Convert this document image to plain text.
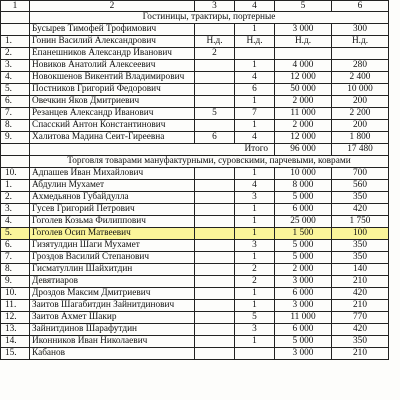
1	2	3	4	5	6
	Гостиницы, трактиры, портерные				
	Бусырев Тимофей Трофимович		1	3 000	300
1.	Гонин Василий Александрович	Н.д.	Н.д.	Н.д.	Н.д.
2.	Епанешников Александр Иванович	2			
3.	Новиков Анатолий Алексеевич		1	4 000	280
4.	Новокшенов Викентий Владимирович		4	12 000	2 400
5.	Постников Григорий Федорович		6	50 000	10 000
6.	Овечкин Яков Дмитриевич		1	2 000	200
7.	Резанцев Александр Иванович	5	7	11 000	2 200
8.	Спасский Антон Константинович		1	2 000	200
9.	Халитова Мадина Сеит-Гиреевна	6	4	12 000	1 800
	Итого			96 000	17 480
	Торговля товарами мануфактурными, суровскими, парчевыми, коврами				
10.	Адпашев Иван Михайлович		1	10 000	700
1.	Абдулин Мухамет		4	8 000	560
2.	Ахмедьянов Губайдулла		3	5 000	350
3.	Гусев Григорий Петрович		1	6 000	420
4.	Гоголев Козьма Филиппович		1	25 000	1 750
5.	Гоголев Осип Матвеевич		1	1 500	100
6.	Гизятулдин Шаги Мухамет		3	5 000	350
7.	Гроздов Василий Степанович		1	5 000	350
8.	Гисматуллин Шайхитдин		2	2 000	140
9.	Девятиаров		2	3 000	210
10.	Дроздов Максим Дмитриевич		1	6 000	420
11.	Заитов Шагабитдин Зайнитдинович		1	3 000	210
12.	Заитов Ахмет Шакир		5	11 000	770
13.	Зайнитдинов Шарафутдин		3	6 000	420
14.	Иконников Иван Николаевич		1	5 000	350
15.	Кабанов			3 000	210
